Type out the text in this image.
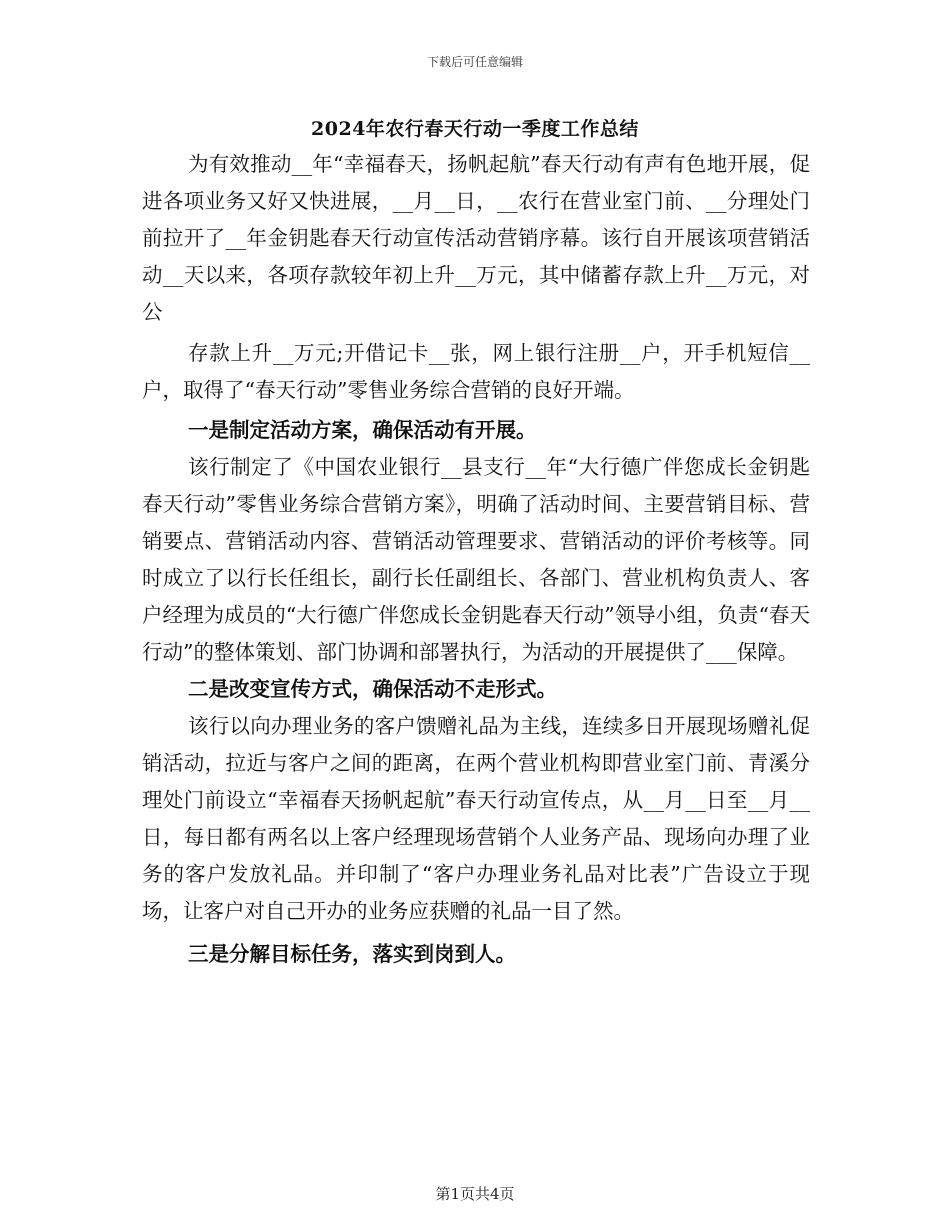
下载后可任意编辑
2024年农行春天行动一季度工作总结

为有效推动__年“幸福春天，扬帆起航”春天行动有声有色地开展，促进各项业务又好又快进展，__月__日，__农行在营业室门前、__分理处门前拉开了__年金钥匙春天行动宣传活动营销序幕。该行自开展该项营销活动__天以来，各项存款较年初上升__万元，其中储蓄存款上升__万元，对公

存款上升__万元;开借记卡__张，网上银行注册__户，开手机短信__户，取得了“春天行动”零售业务综合营销的良好开端。

一是制定活动方案，确保活动有开展。

该行制定了《中国农业银行__县支行__年“大行德广伴您成长金钥匙春天行动”零售业务综合营销方案》，明确了活动时间、主要营销目标、营销要点、营销活动内容、营销活动管理要求、营销活动的评价考核等。同时成立了以行长任组长，副行长任副组长、各部门、营业机构负责人、客户经理为成员的“大行德广伴您成长金钥匙春天行动”领导小组，负责“春天行动”的整体策划、部门协调和部署执行，为活动的开展提供了___保障。

二是改变宣传方式，确保活动不走形式。

该行以向办理业务的客户馈赠礼品为主线，连续多日开展现场赠礼促销活动，拉近与客户之间的距离，在两个营业机构即营业室门前、青溪分理处门前设立“幸福春天扬帆起航”春天行动宣传点，从__月__日至__月__日，每日都有两名以上客户经理现场营销个人业务产品、现场向办理了业务的客户发放礼品。并印制了“客户办理业务礼品对比表”广告设立于现场，让客户对自己开办的业务应获赠的礼品一目了然。

三是分解目标任务，落实到岗到人。

第1页共4页
